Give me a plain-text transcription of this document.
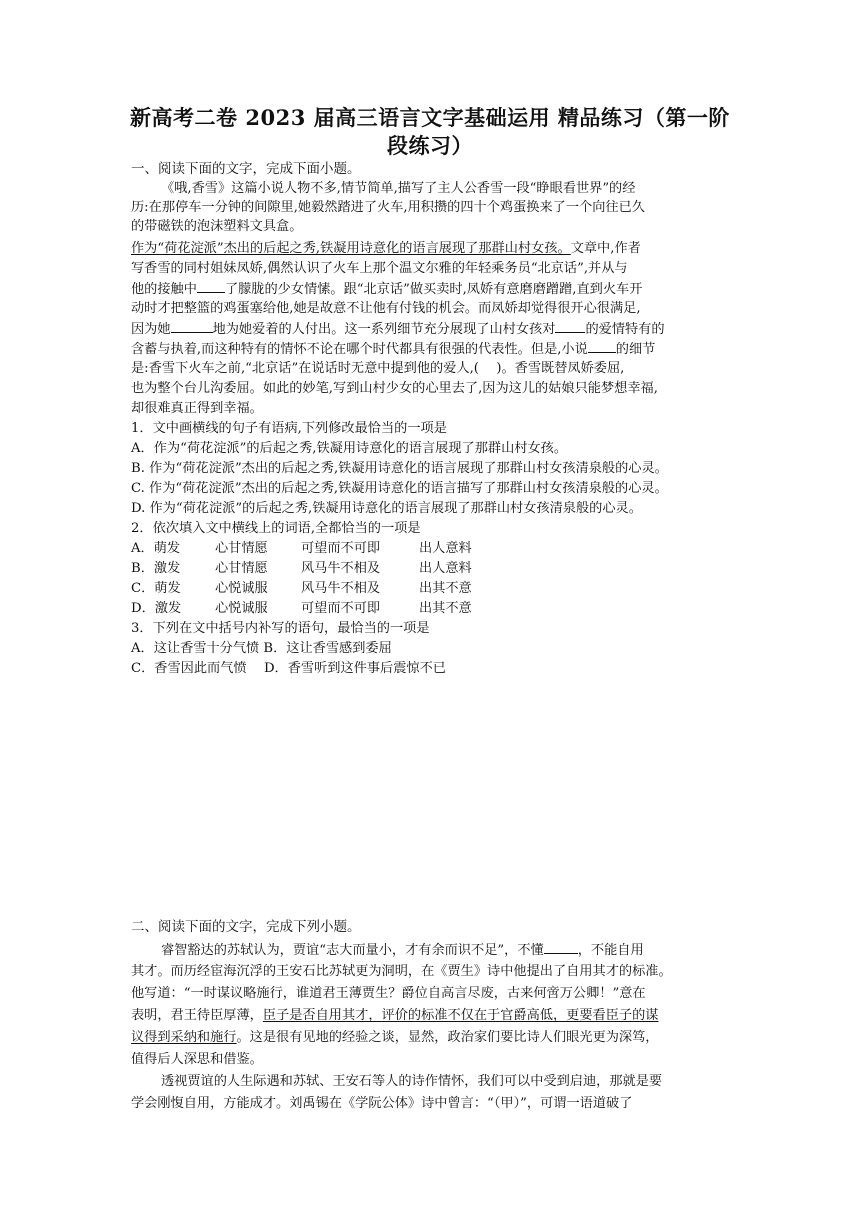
新高考二卷 2023 届高三语言文字基础运用 精品练习（第一阶
段练习）
一、阅读下面的文字，完成下面小题。
《哦,香雪》这篇小说人物不多,情节简单,描写了主人公香雪一段“睁眼看世界”的经
历:在那停车一分钟的间隙里,她毅然踏进了火车,用积攒的四十个鸡蛋换来了一个向往已久
的带磁铁的泡沫塑料文具盒。
作为“荷花淀派”杰出的后起之秀,铁凝用诗意化的语言展现了那群山村女孩。文章中,作者
写香雪的同村姐妹凤娇,偶然认识了火车上那个温文尔雅的年轻乘务员“北京话”,并从与
他的接触中 了朦胧的少女情愫。跟“北京话”做买卖时,凤娇有意磨磨蹭蹭,直到火车开
动时才把整篮的鸡蛋塞给他,她是故意不让他有付钱的机会。而凤娇却觉得很开心很满足,
因为她	地为她爱着的人付出。这一系列细节充分展现了山村女孩对 的爱情特有的
含蓄与执着,而这种特有的情怀不论在哪个时代都具有很强的代表性。但是,小说 的细节
是:香雪下火车之前,“北京话”在说话时无意中提到他的爱人,(　 )。香雪既替凤娇委屈,
也为整个台儿沟委屈。如此的妙笔,写到山村少女的心里去了,因为这儿的姑娘只能梦想幸福,
却很难真正得到幸福。
1．文中画横线的句子有语病,下列修改最恰当的一项是
A．作为“荷花淀派”的后起之秀,铁凝用诗意化的语言展现了那群山村女孩。
B. 作为“荷花淀派”杰出的后起之秀,铁凝用诗意化的语言展现了那群山村女孩清泉般的心灵。
C. 作为“荷花淀派”杰出的后起之秀,铁凝用诗意化的语言描写了那群山村女孩清泉般的心灵。
D. 作为“荷花淀派”的后起之秀,铁凝用诗意化的语言展现了那群山村女孩清泉般的心灵。
2．依次填入文中横线上的词语,全都恰当的一项是
A．萌发	心甘情愿	可望而不可即	出人意料
B．激发	心甘情愿	风马牛不相及	出人意料
C．萌发	心悦诚服	风马牛不相及	出其不意
D．激发	心悦诚服	可望而不可即	出其不意
3．下列在文中括号内补写的语句，最恰当的一项是
A．这让香雪十分气愤 B．这让香雪感到委屈
C．香雪因此而气愤　 D．香雪听到这件事后震惊不已
二、阅读下面的文字，完成下列小题。
睿智豁达的苏轼认为，贾谊“志大而量小，才有余而识不足”，不懂	，不能自用
其才。而历经宦海沉浮的王安石比苏轼更为洞明，在《贾生》诗中他提出了自用其才的标准。
他写道：“一时谋议略施行，谁道君王薄贾生？爵位自高言尽废，古来何啻万公卿！”意在
表明，君王待臣厚薄，臣子是否自用其才，评价的标准不仅在于官爵高低，更要看臣子的谋
议得到采纳和施行。这是很有见地的经验之谈，显然，政治家们要比诗人们眼光更为深笃，
值得后人深思和借鉴。
透视贾谊的人生际遇和苏轼、王安石等人的诗作情怀，我们可以中受到启迪，那就是要
学会刚愎自用，方能成才。刘禹锡在《学阮公体》诗中曾言：“（甲）”，可谓一语道破了
